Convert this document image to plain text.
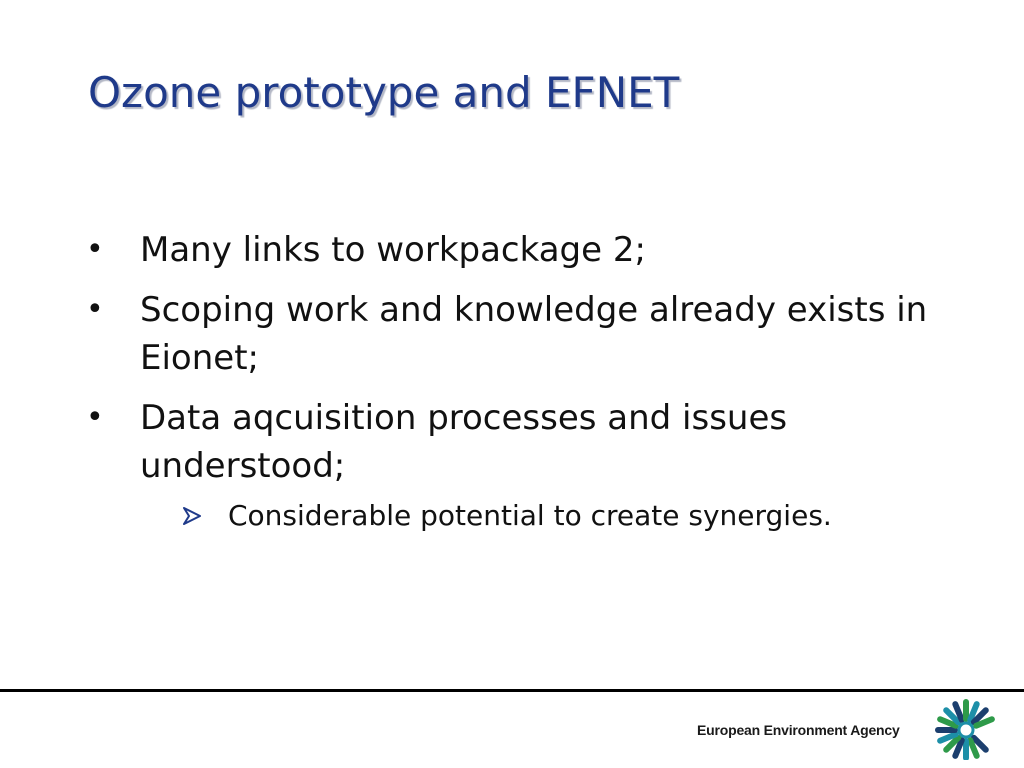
Ozone prototype and EFNET
• Many links to workpackage 2;
• Scoping work and knowledge already exists in Eionet;
• Data aqcuisition processes and issues understood;
Considerable potential to create synergies.
European Environment Agency
